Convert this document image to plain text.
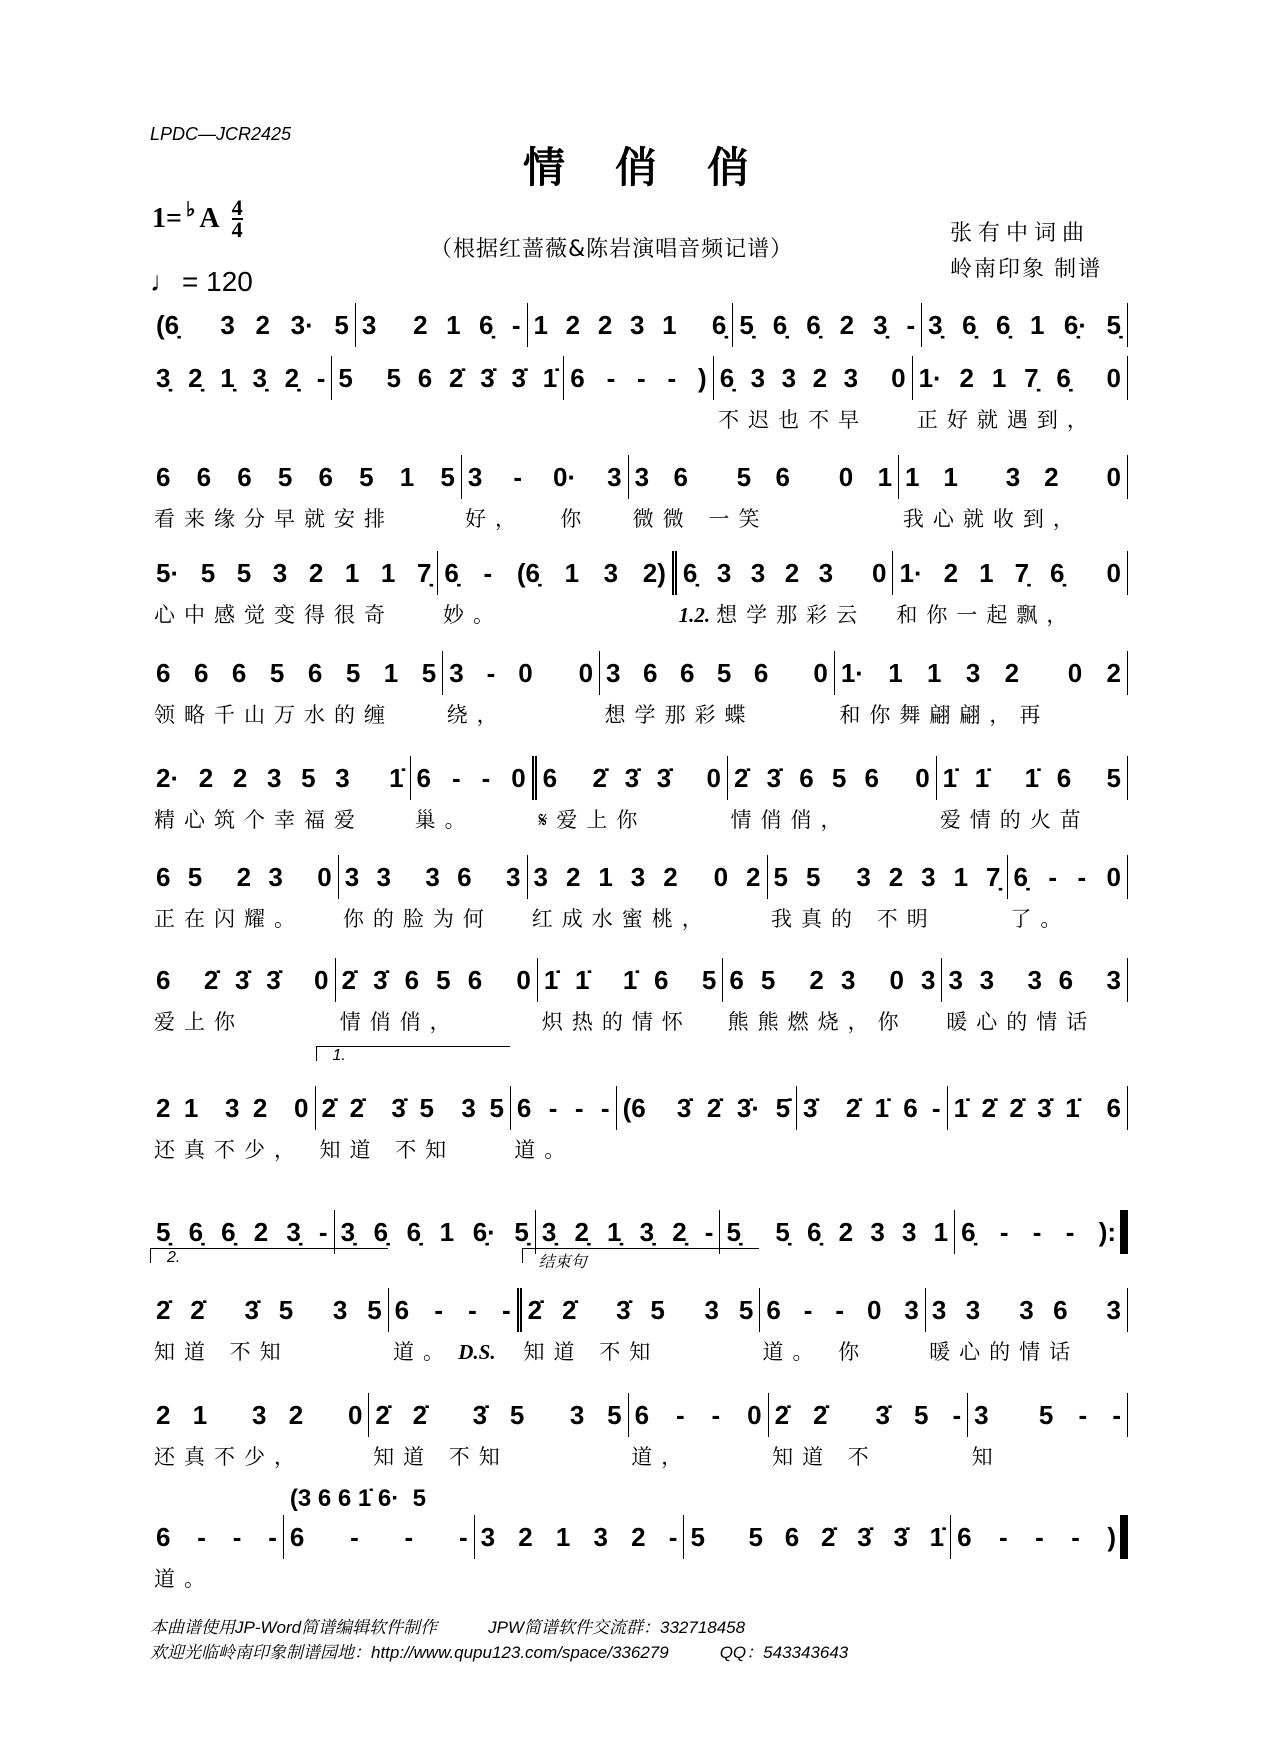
LPDC—JCR2425
情俏俏
1= ♭ A $\frac{4}{4}$
♩ = 120
（根据红蔷薇&陈岩演唱音频记谱）
张有中词曲
岭南印象 制谱
(6̣  3 2 3· 5 3  2 1 6̣ - 1 2 2 3 1  6̣ 5̣ 6̣ 6̣ 2 3̣ - 3̣ 6̣ 6̣ 1 6̣· 5̣
3̣ 2̣ 1̣ 3̣ 2̣ - 5  5 6 2̇ 3̇ 3̇ 1̇ 6 - - - ) 6̣ 3 3 2 3  0 1· 2 1 7̣ 6̣  0
不迟也不早	正好就遇到，
6 6 6 5 6 5 1 5 3 - 0· 3 3 6  5 6  0 1 1 1  3 2  0
看来缘分早就安排	好，　 你	微微 一笑	我心就收到，
5· 5 5 3 2 1 1 7̣ 6̣ - (6̣ 1 3 2) 6̣ 3 3 2 3  0 1· 2 1 7̣ 6̣  0
心中感觉变得很奇	妙。	1.2. 想学那彩云	和你一起飘，
6 6 6 5 6 5 1 5 3 - 0  0 3 6 6 5 6  0 1· 1 1 3 2  0 2
领略千山万水的缠	绕，	想学那彩蝶	和你舞翩翩，再
2· 2 2 3 5 3  1̇ 6 - - 0 6  2̇ 3̇ 3̇  0 2̇ 3̇ 6 5 6  0 1̇ 1̇  1̇ 6  5
精心筑个幸福爱	巢。	𝄋爱上你	情俏俏，	爱情的火苗
6 5  2 3  0 3 3  3 6  3 3 2 1 3 2  0 2 5 5  3 2 3 1 7̣ 6̣ - - 0
正在闪耀。	你的脸为何	红成水蜜桃，	我真的 不明	了。
6  2̇ 3̇ 3̇  0 2̇ 3̇ 6 5 6  0 1̇ 1̇  1̇ 6  5 6 5  2 3  0 3 3 3  3 6  3
爱上你	情俏俏，	炽热的情怀	熊熊燃烧，你	暖心的情话
2 1  3 2  0 2̇ 2̇  3̇ 5  3 5
1.
6 - - - (6  3̇ 2̇ 3̇· 5̇ 3̇  2̇ 1̇ 6 - 1̇ 2̇ 2̇ 3̇ 1̇  6
还真不少， 知道 不知	道。
5̣ 6̣ 6̣ 2 3̣ - 3̣ 6̣ 6̣ 1 6̣· 5̣ 3̣ 2̣ 1̣ 3̣ 2̣ - 5̣  5̣ 6̣ 2 3 3 1 6̣ - - - ):
2̇ 2̇  3̇ 5  3 5
2.
6 - - - 2̇ 2̇  3̇ 5  3 5
结束句
6 - - 0 3 3 3  3 6  3
知道 不知	道。 D.S.	知道 不知	道。 你	暖心的情话
2 1  3 2  0 2̇ 2̇  3̇ 5  3 5 6 - - 0 2̇ 2̇  3̇ 5 - 3  5 - -
还真不少，	知道 不知	道，	知道 不	知
6 - - - 6  -  -  -
(3 6 6 1̇ 6·  5
3 2 1 3 2 - 5  5 6 2̇ 3̇ 3̇ 1̇ 6 - - - )
道。
本曲谱使用JP-Word简谱编辑软件制作　　　JPW简谱软件交流群：332718458
欢迎光临岭南印象制谱园地：http://www.qupu123.com/space/336279　　　QQ：543343643
